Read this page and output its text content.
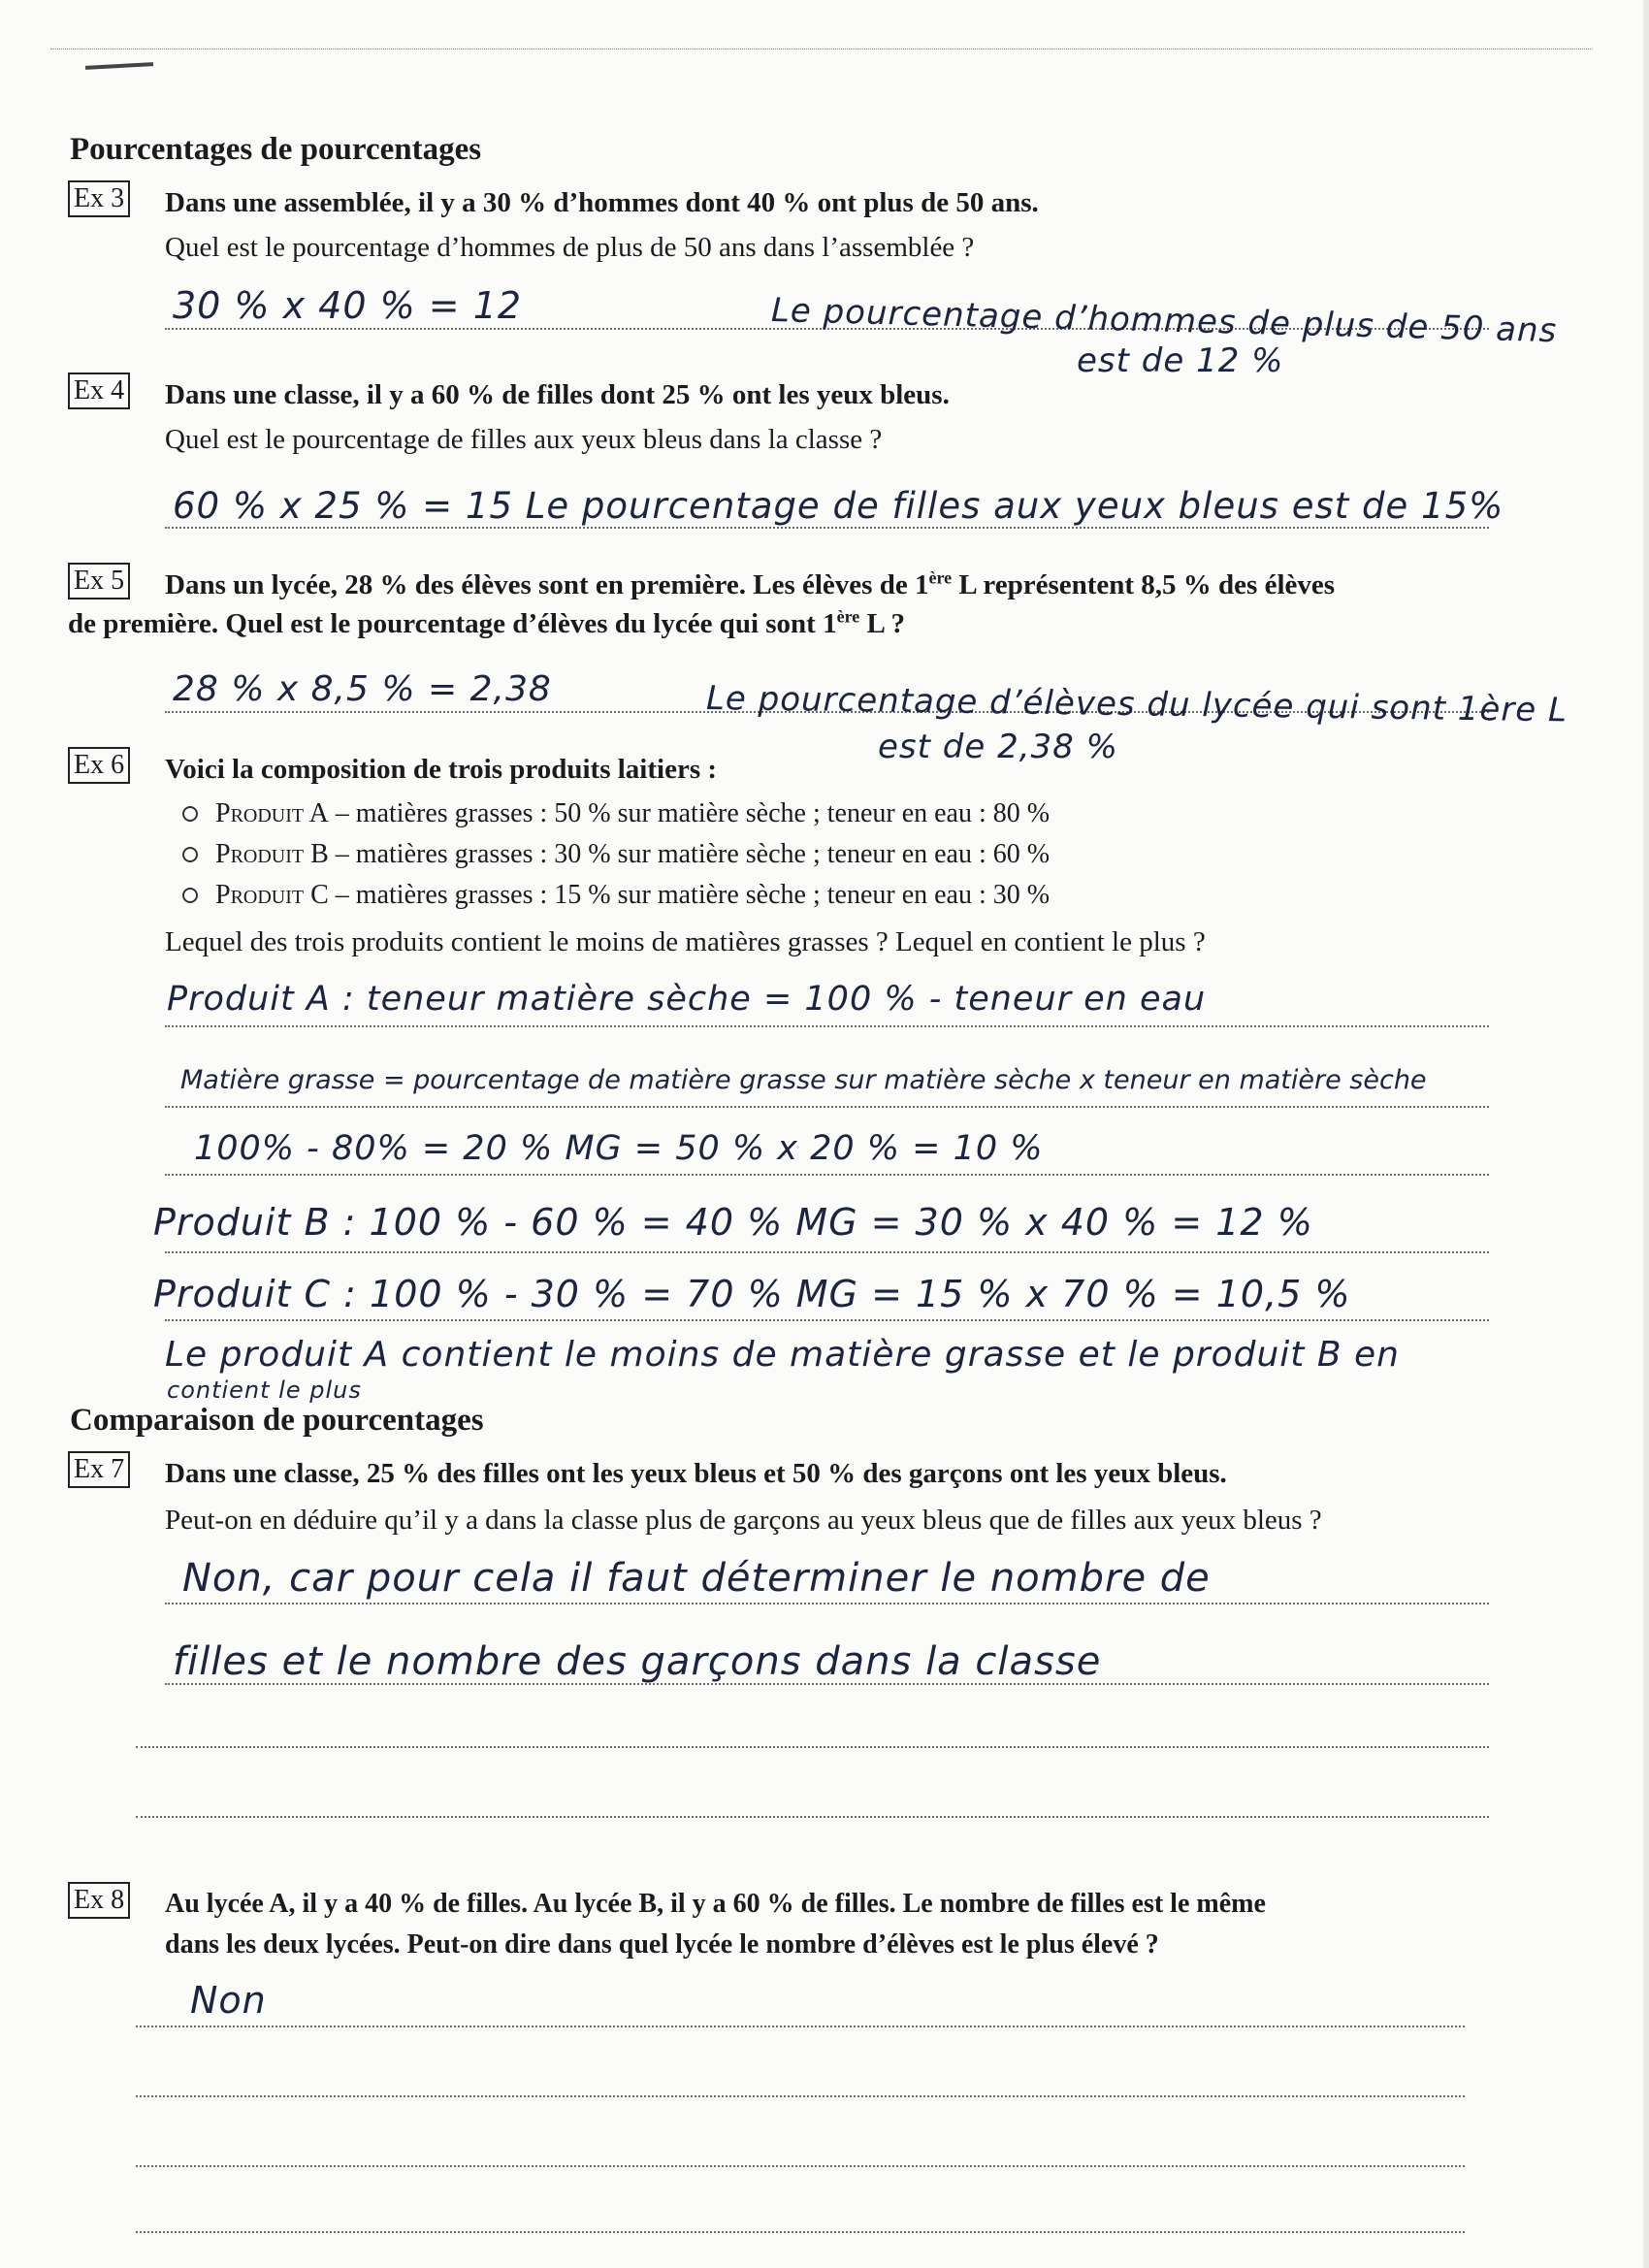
Pourcentages de pourcentages
Ex 3 Dans une assemblée, il y a 30 % d’hommes dont 40 % ont plus de 50 ans.
Quel est le pourcentage d’hommes de plus de 50 ans dans l’assemblée ?
30 % x 40 % = 12	Le pourcentage d’hommes de plus de 50 ans
est de 12 %
Ex 4 Dans une classe, il y a 60 % de filles dont 25 % ont les yeux bleus.
Quel est le pourcentage de filles aux yeux bleus dans la classe ?
60 % x 25 % = 15 Le pourcentage de filles aux yeux bleus est de 15%
Ex 5 Dans un lycée, 28 % des élèves sont en première. Les élèves de 1ère L représentent 8,5 % des élèves
de première. Quel est le pourcentage d’élèves du lycée qui sont 1ère L ?
28 % x 8,5 % = 2,38	Le pourcentage d’élèves du lycée qui sont 1ère L
est de 2,38 %
Ex 6 Voici la composition de trois produits laitiers :
Produit A – matières grasses : 50 % sur matière sèche ; teneur en eau : 80 %
Produit B – matières grasses : 30 % sur matière sèche ; teneur en eau : 60 %
Produit C – matières grasses : 15 % sur matière sèche ; teneur en eau : 30 %
Lequel des trois produits contient le moins de matières grasses ? Lequel en contient le plus ?
Produit A : teneur matière sèche = 100 % - teneur en eau
Matière grasse = pourcentage de matière grasse sur matière sèche x teneur en matière sèche
100% - 80% = 20 % MG = 50 % x 20 % = 10 %
Produit B : 100 % - 60 % = 40 % MG = 30 % x 40 % = 12 %
Produit C : 100 % - 30 % = 70 % MG = 15 % x 70 % = 10,5 %
Le produit A contient le moins de matière grasse et le produit B en
contient le plus
Comparaison de pourcentages
Ex 7 Dans une classe, 25 % des filles ont les yeux bleus et 50 % des garçons ont les yeux bleus.
Peut-on en déduire qu’il y a dans la classe plus de garçons au yeux bleus que de filles aux yeux bleus ?
Non, car pour cela il faut déterminer le nombre de
filles et le nombre des garçons dans la classe
Ex 8 Au lycée A, il y a 40 % de filles. Au lycée B, il y a 60 % de filles. Le nombre de filles est le même
dans les deux lycées. Peut-on dire dans quel lycée le nombre d’élèves est le plus élevé ?
Non
